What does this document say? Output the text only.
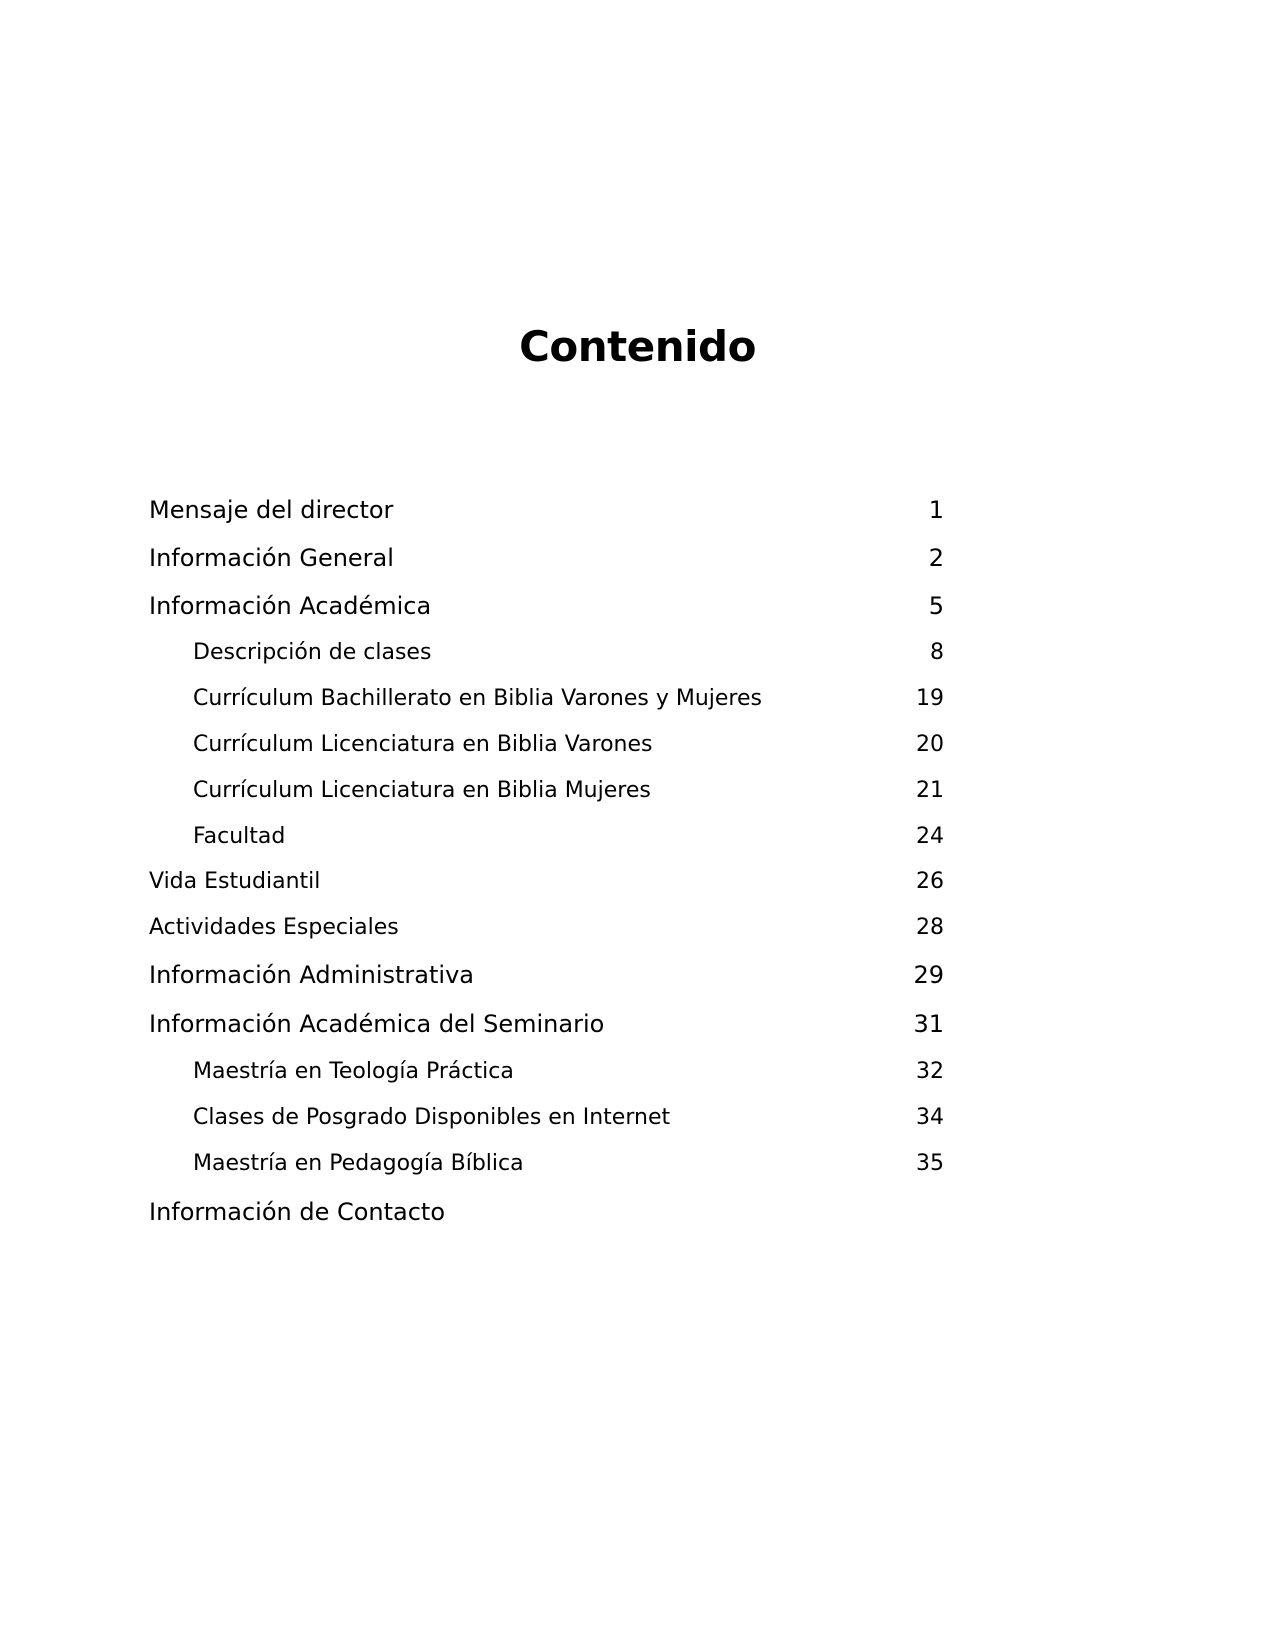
Contenido
Mensaje del director	1
Información General	2
Información Académica	5
Descripción de clases	8
Currículum Bachillerato en Biblia Varones y Mujeres	19
Currículum Licenciatura en Biblia Varones	20
Currículum Licenciatura en Biblia Mujeres	21
Facultad	24
Vida Estudiantil	26
Actividades Especiales	28
Información Administrativa	29
Información Académica del Seminario	31
Maestría en Teología Práctica	32
Clases de Posgrado Disponibles en Internet	34
Maestría en Pedagogía Bíblica	35
Información de Contacto
